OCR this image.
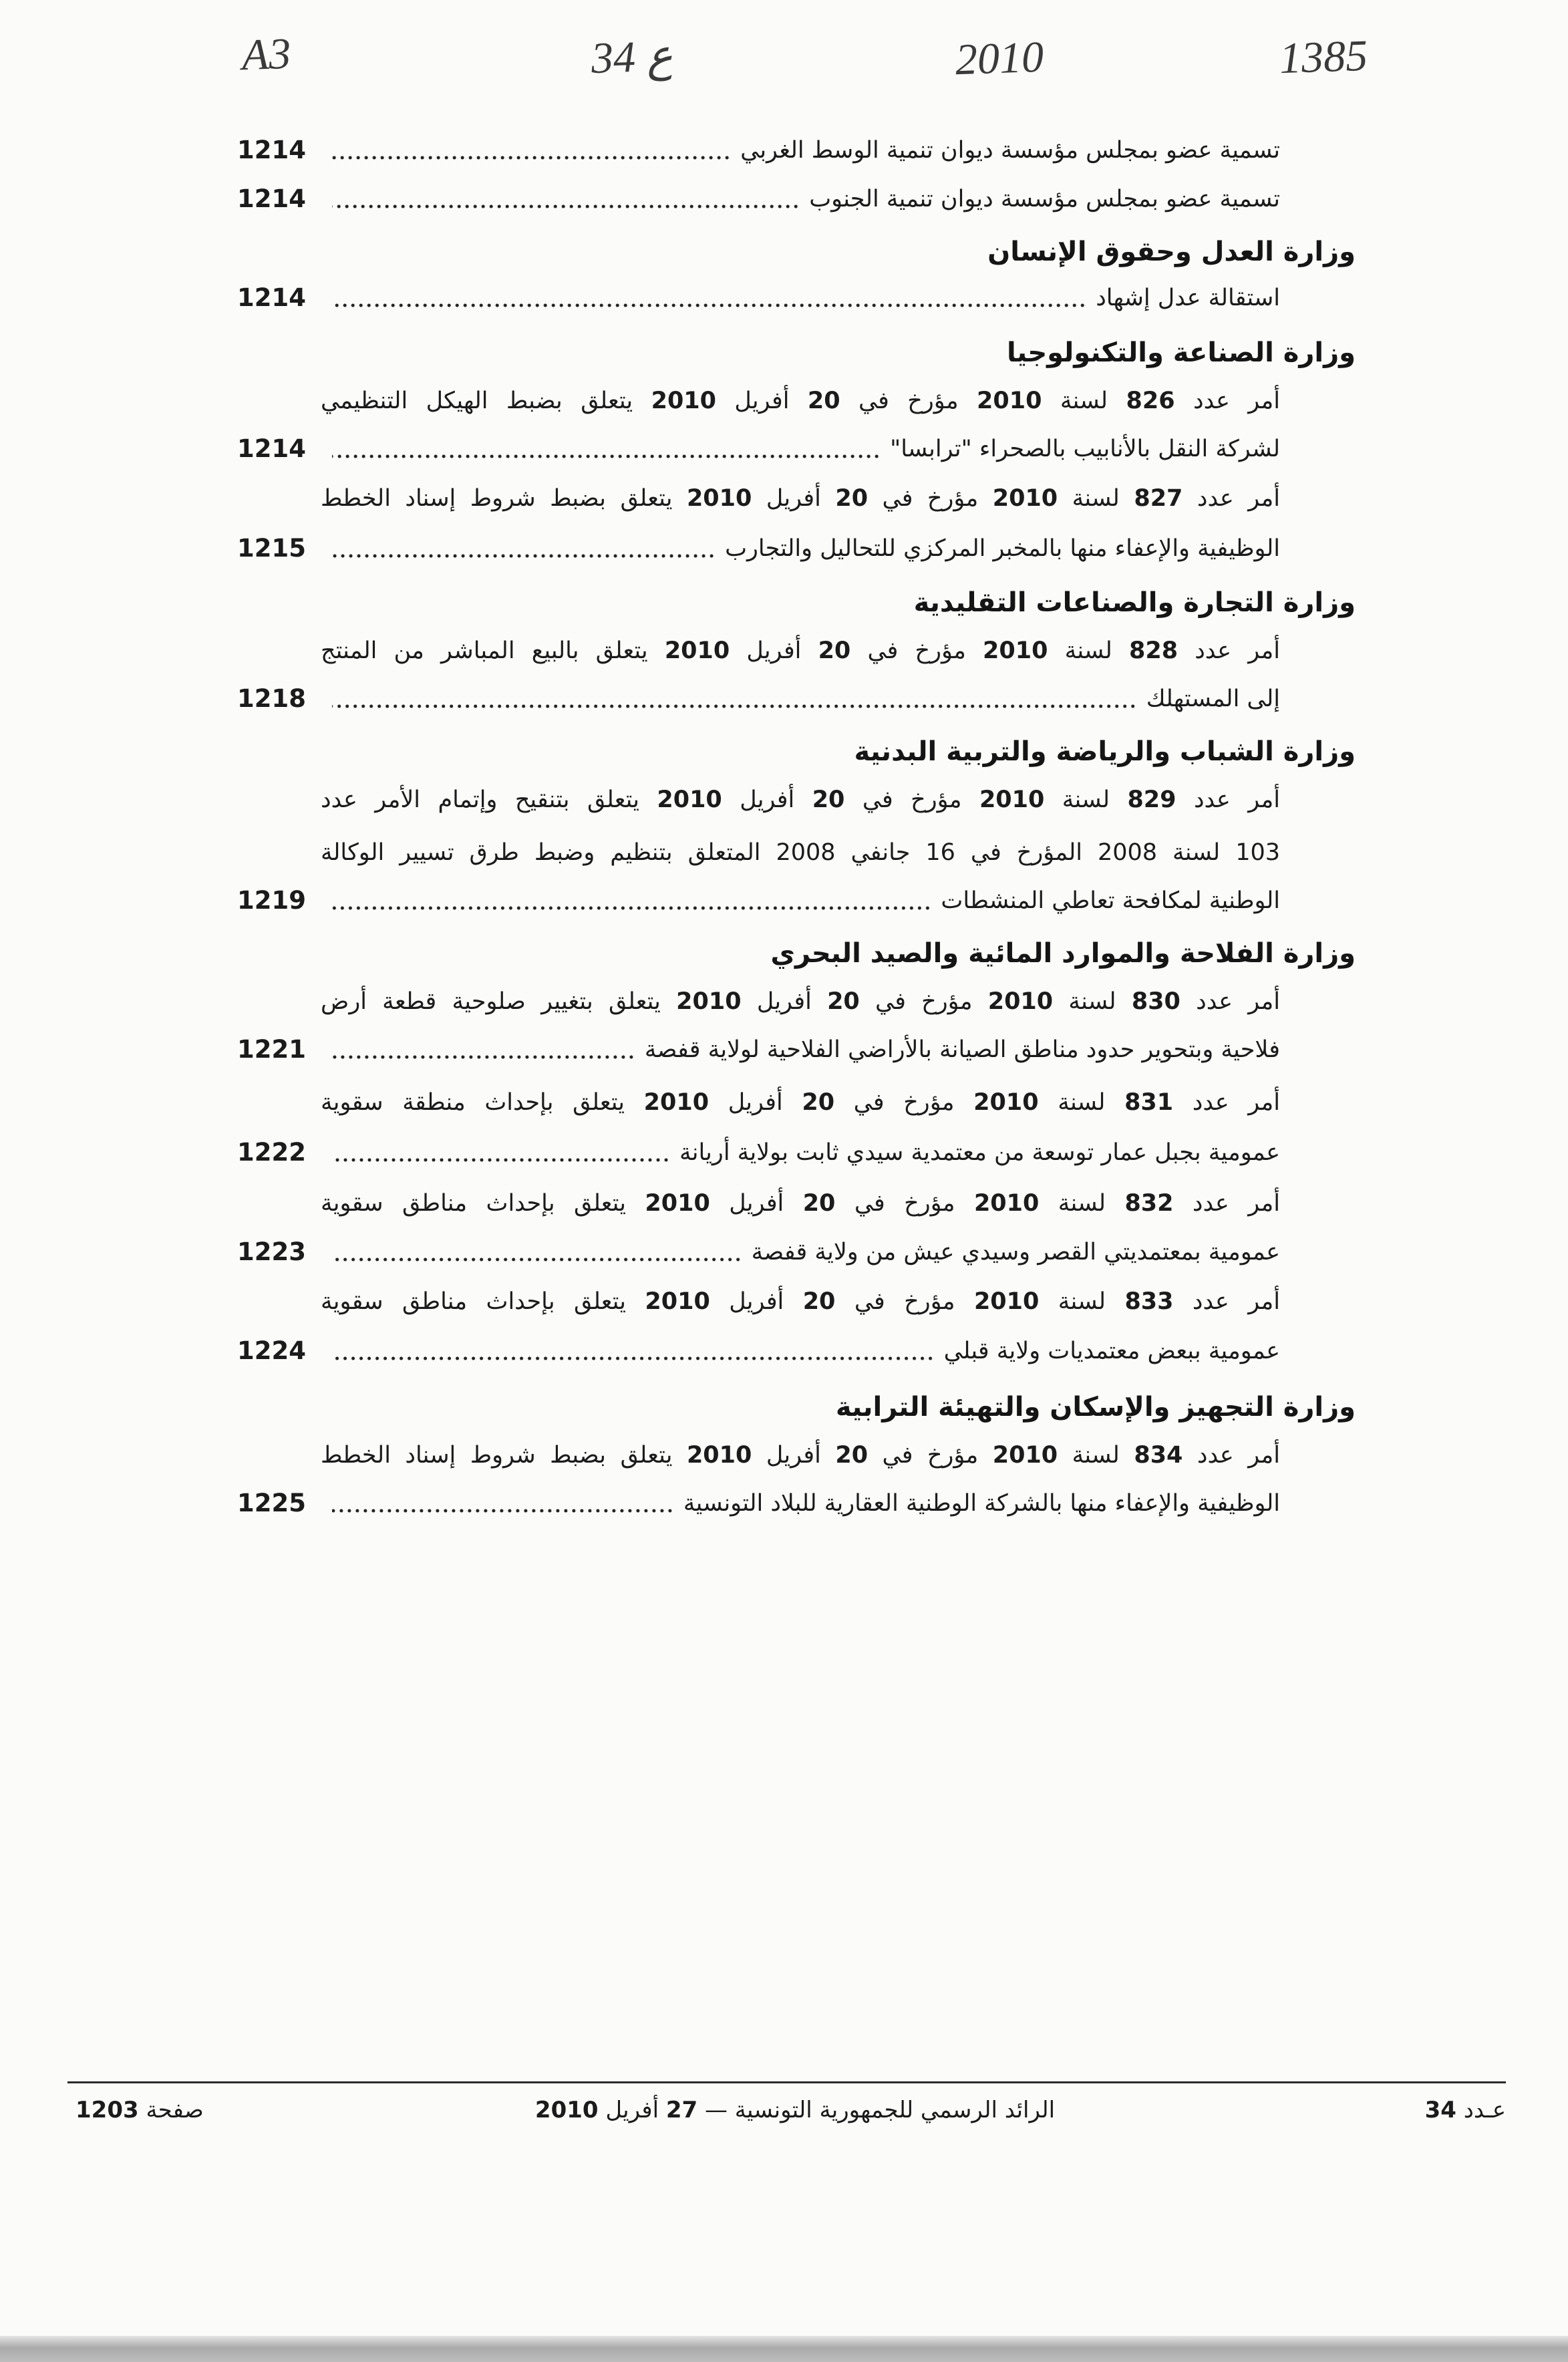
A3	34 ع	2010	1385
تسمية عضو بمجلس مؤسسة ديوان تنمية الوسط الغربي
1214
تسمية عضو بمجلس مؤسسة ديوان تنمية الجنوب
1214
وزارة العدل وحقوق الإنسان
استقالة عدل إشهاد
1214
وزارة الصناعة والتكنولوجيا
أمر عدد 826 لسنة 2010 مؤرخ في 20 أفريل 2010 يتعلق بضبط الهيكل التنظيمي
لشركة النقل بالأنابيب بالصحراء "ترابسا"
1214
أمر عدد 827 لسنة 2010 مؤرخ في 20 أفريل 2010 يتعلق بضبط شروط إسناد الخطط
الوظيفية والإعفاء منها بالمخبر المركزي للتحاليل والتجارب
1215
وزارة التجارة والصناعات التقليدية
أمر عدد 828 لسنة 2010 مؤرخ في 20 أفريل 2010 يتعلق بالبيع المباشر من المنتج
إلى المستهلك
1218
وزارة الشباب والرياضة والتربية البدنية
أمر عدد 829 لسنة 2010 مؤرخ في 20 أفريل 2010 يتعلق بتنقيح وإتمام الأمر عدد
103 لسنة 2008 المؤرخ في 16 جانفي 2008 المتعلق بتنظيم وضبط طرق تسيير الوكالة
الوطنية لمكافحة تعاطي المنشطات
1219
وزارة الفلاحة والموارد المائية والصيد البحري
أمر عدد 830 لسنة 2010 مؤرخ في 20 أفريل 2010 يتعلق بتغيير صلوحية قطعة أرض
فلاحية وبتحوير حدود مناطق الصيانة بالأراضي الفلاحية لولاية قفصة
1221
أمر عدد 831 لسنة 2010 مؤرخ في 20 أفريل 2010 يتعلق بإحداث منطقة سقوية
عمومية بجبل عمار توسعة من معتمدية سيدي ثابت بولاية أريانة
1222
أمر عدد 832 لسنة 2010 مؤرخ في 20 أفريل 2010 يتعلق بإحداث مناطق سقوية
عمومية بمعتمديتي القصر وسيدي عيش من ولاية قفصة
1223
أمر عدد 833 لسنة 2010 مؤرخ في 20 أفريل 2010 يتعلق بإحداث مناطق سقوية
عمومية ببعض معتمديات ولاية قبلي
1224
وزارة التجهيز والإسكان والتهيئة الترابية
أمر عدد 834 لسنة 2010 مؤرخ في 20 أفريل 2010 يتعلق بضبط شروط إسناد الخطط
الوظيفية والإعفاء منها بالشركة الوطنية العقارية للبلاد التونسية
1225
عـدد 34
الرائد الرسمي للجمهورية التونسية — 27 أفريل 2010
صفحة 1203
